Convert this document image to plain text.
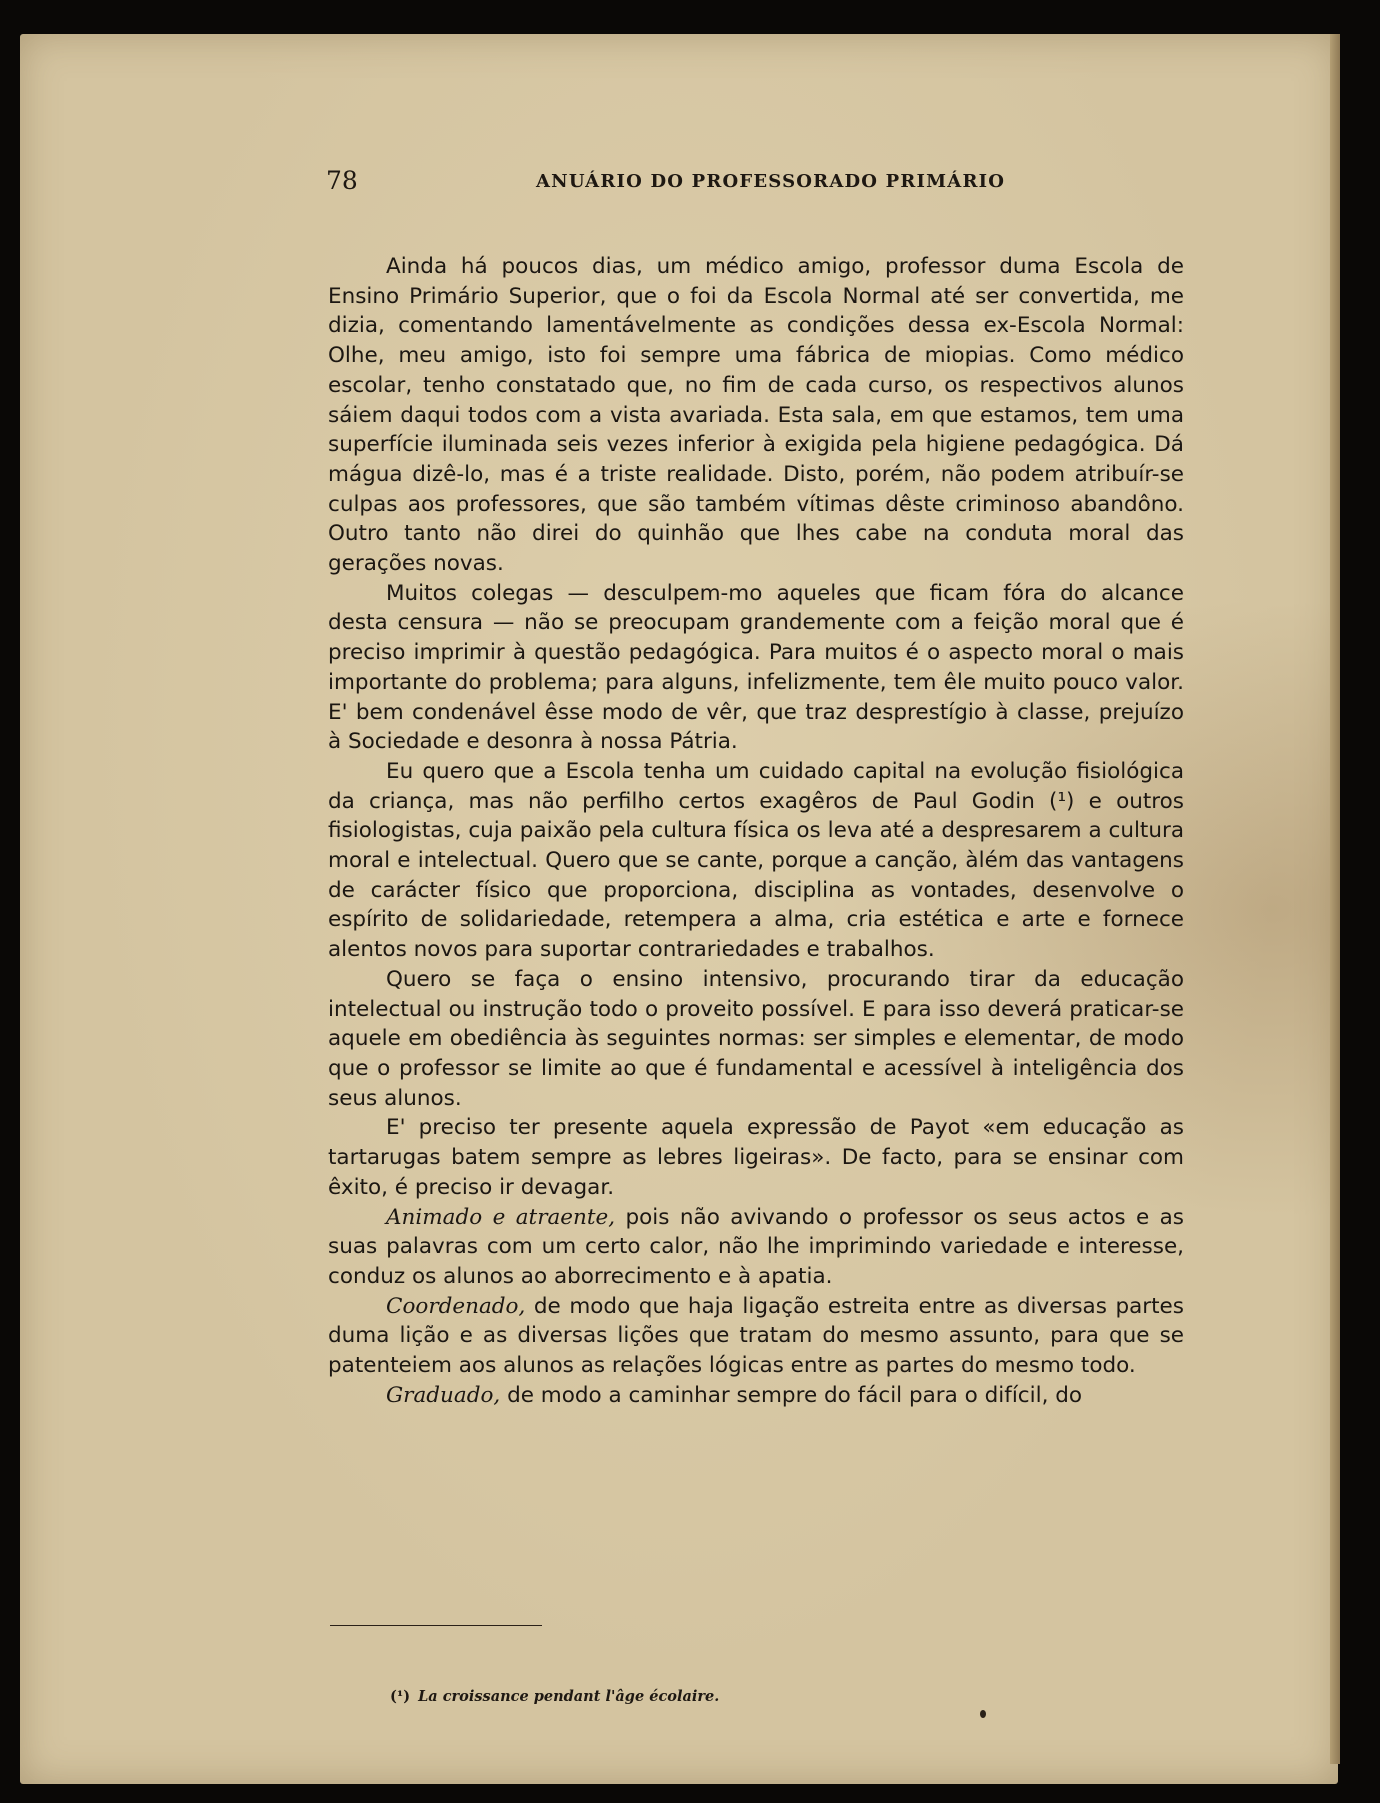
78	ANUÁRIO DO PROFESSORADO PRIMÁRIO

Ainda há poucos dias, um médico amigo, professor duma Escola de Ensino Primário Superior, que o foi da Escola Normal até ser convertida, me dizia, comentando lamentávelmente as condições dessa ex-Escola Normal: Olhe, meu amigo, isto foi sempre uma fábrica de miopias. Como médico escolar, tenho constatado que, no fim de cada curso, os respectivos alunos sáiem daqui todos com a vista avariada. Esta sala, em que estamos, tem uma superfície iluminada seis vezes inferior à exigida pela higiene pedagógica. Dá mágua dizê-lo, mas é a triste realidade. Disto, porém, não podem atribuír-se culpas aos professores, que são também vítimas dêste criminoso abandôno. Outro tanto não direi do quinhão que lhes cabe na conduta moral das gerações novas.

Muitos colegas — desculpem-mo aqueles que ficam fóra do alcance desta censura — não se preocupam grandemente com a feição moral que é preciso imprimir à questão pedagógica. Para muitos é o aspecto moral o mais importante do problema; para alguns, infelizmente, tem êle muito pouco valor. E' bem condenável êsse modo de vêr, que traz desprestígio à classe, prejuízo à Sociedade e desonra à nossa Pátria.

Eu quero que a Escola tenha um cuidado capital na evolução fisiológica da criança, mas não perfilho certos exagêros de Paul Godin (¹) e outros fisiologistas, cuja paixão pela cultura física os leva até a despresarem a cultura moral e intelectual. Quero que se cante, porque a canção, àlém das vantagens de carácter físico que proporciona, disciplina as vontades, desenvolve o espírito de solidariedade, retempera a alma, cria estética e arte e fornece alentos novos para suportar contrariedades e trabalhos.

Quero se faça o ensino intensivo, procurando tirar da educação intelectual ou instrução todo o proveito possível. E para isso deverá praticar-se aquele em obediência às seguintes normas: ser simples e elementar, de modo que o professor se limite ao que é fundamental e acessível à inteligência dos seus alunos.

E' preciso ter presente aquela expressão de Payot «em educação as tartarugas batem sempre as lebres ligeiras». De facto, para se ensinar com êxito, é preciso ir devagar.

Animado e atraente, pois não avivando o professor os seus actos e as suas palavras com um certo calor, não lhe imprimindo variedade e interesse, conduz os alunos ao aborrecimento e à apatia.

Coordenado, de modo que haja ligação estreita entre as diversas partes duma lição e as diversas lições que tratam do mesmo assunto, para que se patenteiem aos alunos as relações lógicas entre as partes do mesmo todo.

Graduado, de modo a caminhar sempre do fácil para o difícil, do

(¹) La croissance pendant l'âge écolaire.
